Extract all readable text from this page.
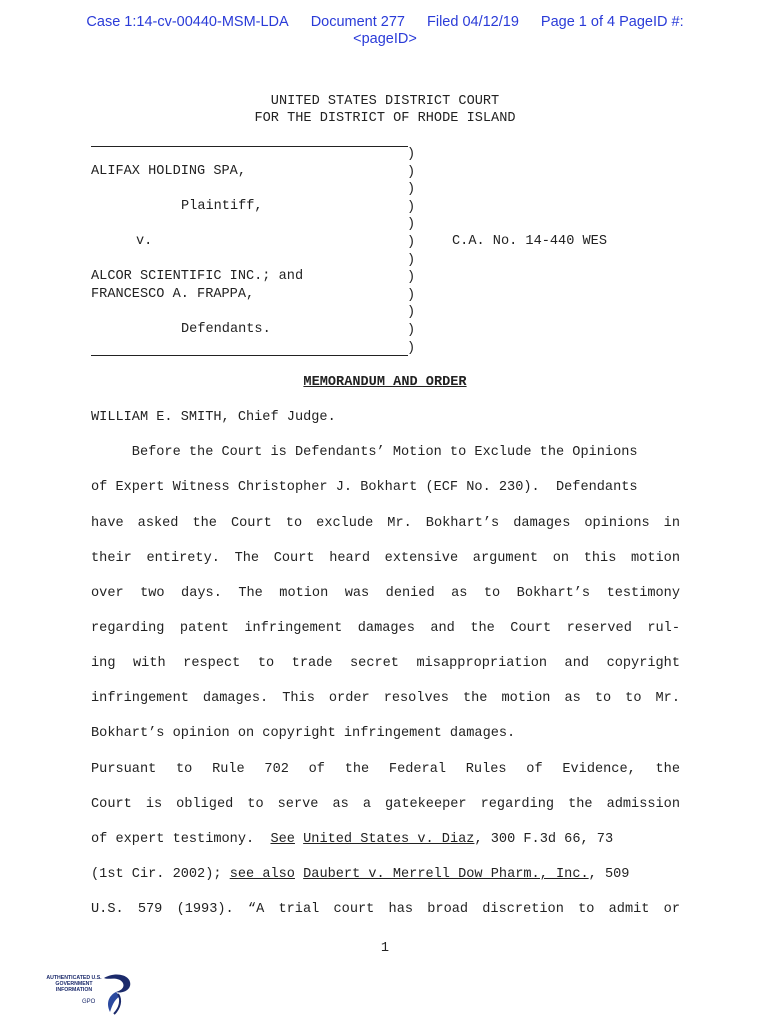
Case 1:14-cv-00440-MSM-LDA Document 277 Filed 04/12/19 Page 1 of 4 PageID #:
<pageID>
UNITED STATES DISTRICT COURT
FOR THE DISTRICT OF RHODE ISLAND
ALIFAX HOLDING SPA,
Plaintiff,
v.
ALCOR SCIENTIFIC INC.; and
FRANCESCO A. FRAPPA,
Defendants.
C.A. No. 14-440 WES
)
)
)
)
)
)
)
)
)
)
)
)
MEMORANDUM AND ORDER
WILLIAM E. SMITH, Chief Judge.
Before the Court is Defendants’ Motion to Exclude the Opinions
of Expert Witness Christopher J. Bokhart (ECF No. 230).  Defendants
have asked the Court to exclude Mr. Bokhart’s damages opinions in
their entirety. The Court heard extensive argument on this motion
over two days. The motion was denied as to Bokhart’s testimony
regarding patent infringement damages and the Court reserved rul-
ing with respect to trade secret misappropriation and copyright
infringement damages. This order resolves the motion as to to Mr.
Bokhart’s opinion on copyright infringement damages.
Pursuant to Rule 702 of the Federal Rules of Evidence, the
Court is obliged to serve as a gatekeeper regarding the admission
of expert testimony.  See United States v. Diaz, 300 F.3d 66, 73
(1st Cir. 2002); see also Daubert v. Merrell Dow Pharm., Inc., 509
U.S. 579 (1993). “A trial court has broad discretion to admit or
1
AUTHENTICATED U.S. GOVERNMENT INFORMATION
GPO
